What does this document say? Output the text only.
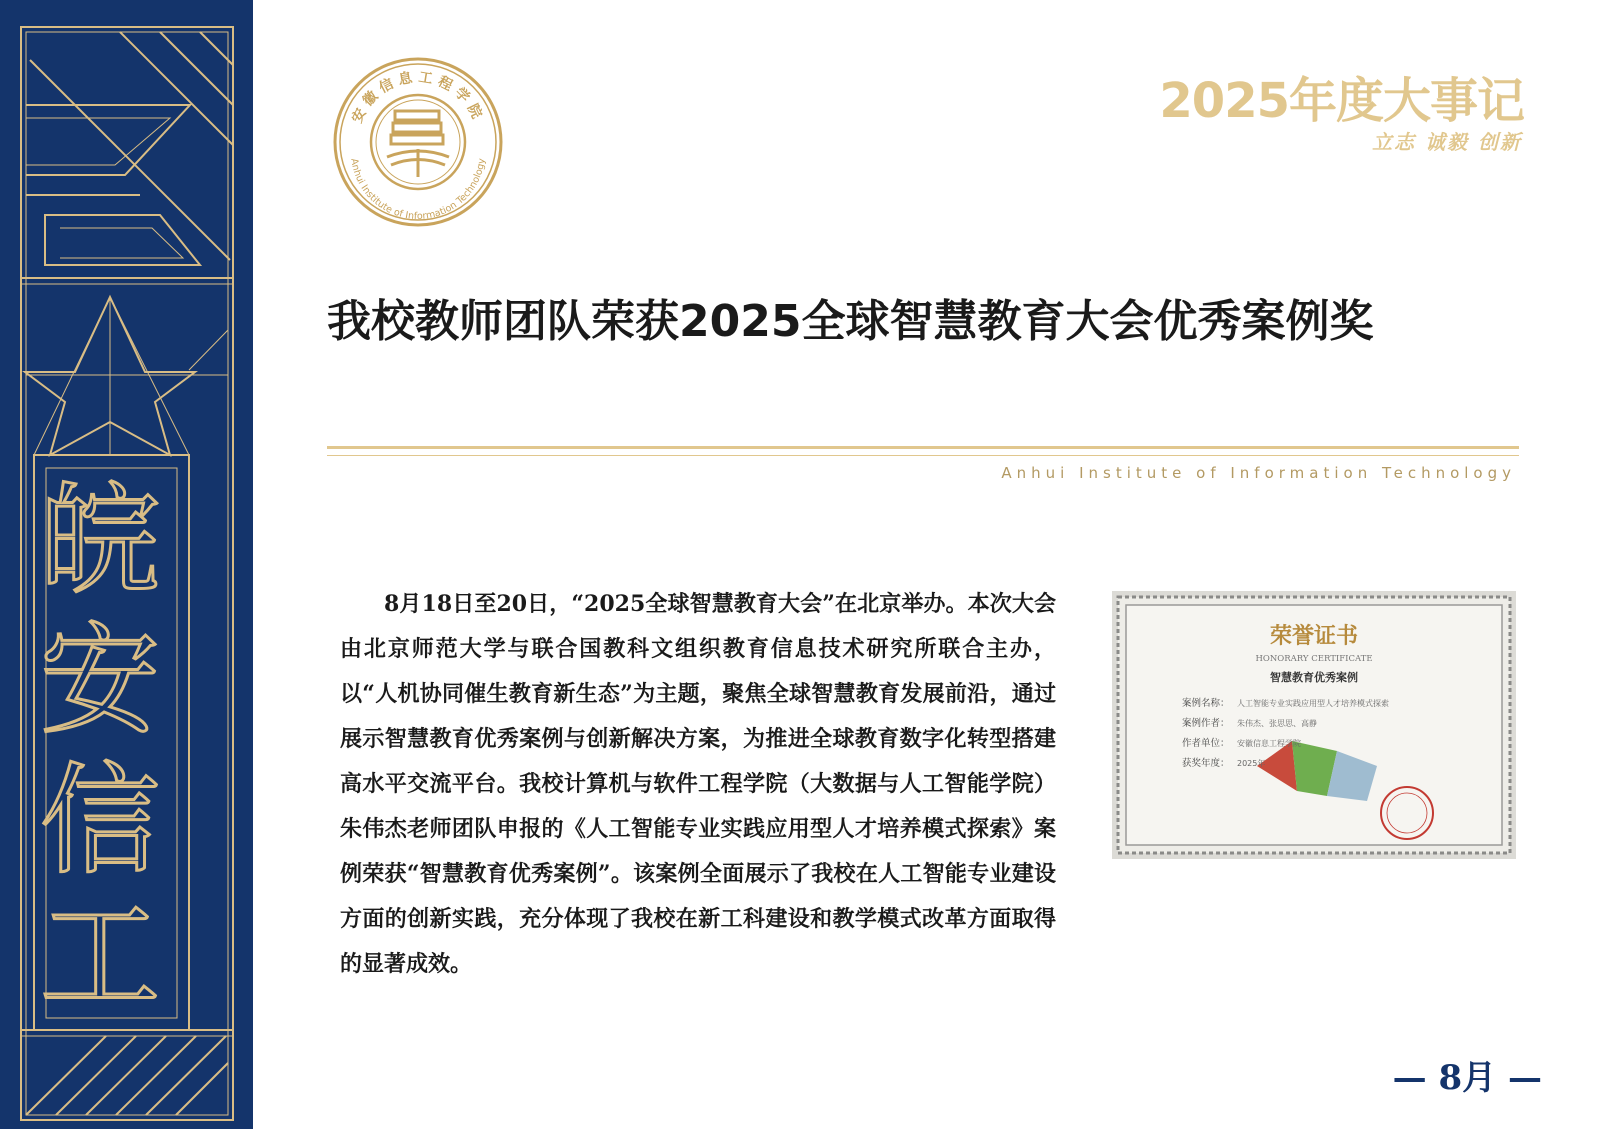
皖
安
信
工
安徽信息工程学院
Anhui Institute of Information Technology
2025年度大事记
立志 诚毅 创新
我校教师团队荣获2025全球智慧教育大会优秀案例奖
Anhui Institute of Information Technology

8月18日至20日，“2025全球智慧教育大会”在北京举办。本次大会由北京师范大学与联合国教科文组织教育信息技术研究所联合主办，以“人机协同催生教育新生态”为主题，聚焦全球智慧教育发展前沿，通过展示智慧教育优秀案例与创新解决方案，为推进全球教育数字化转型搭建高水平交流平台。我校计算机与软件工程学院（大数据与人工智能学院）朱伟杰老师团队申报的《人工智能专业实践应用型人才培养模式探索》案例荣获“智慧教育优秀案例”。该案例全面展示了我校在人工智能专业建设方面的创新实践，充分体现了我校在新工科建设和教学模式改革方面取得的显著成效。

荣誉证书
HONORARY CERTIFICATE
智慧教育优秀案例
案例名称： 人工智能专业实践应用型人才培养模式探索
案例作者： 朱伟杰、张思思、高静
作者单位： 安徽信息工程学院
获奖年度： 2025年
— 8月 —
